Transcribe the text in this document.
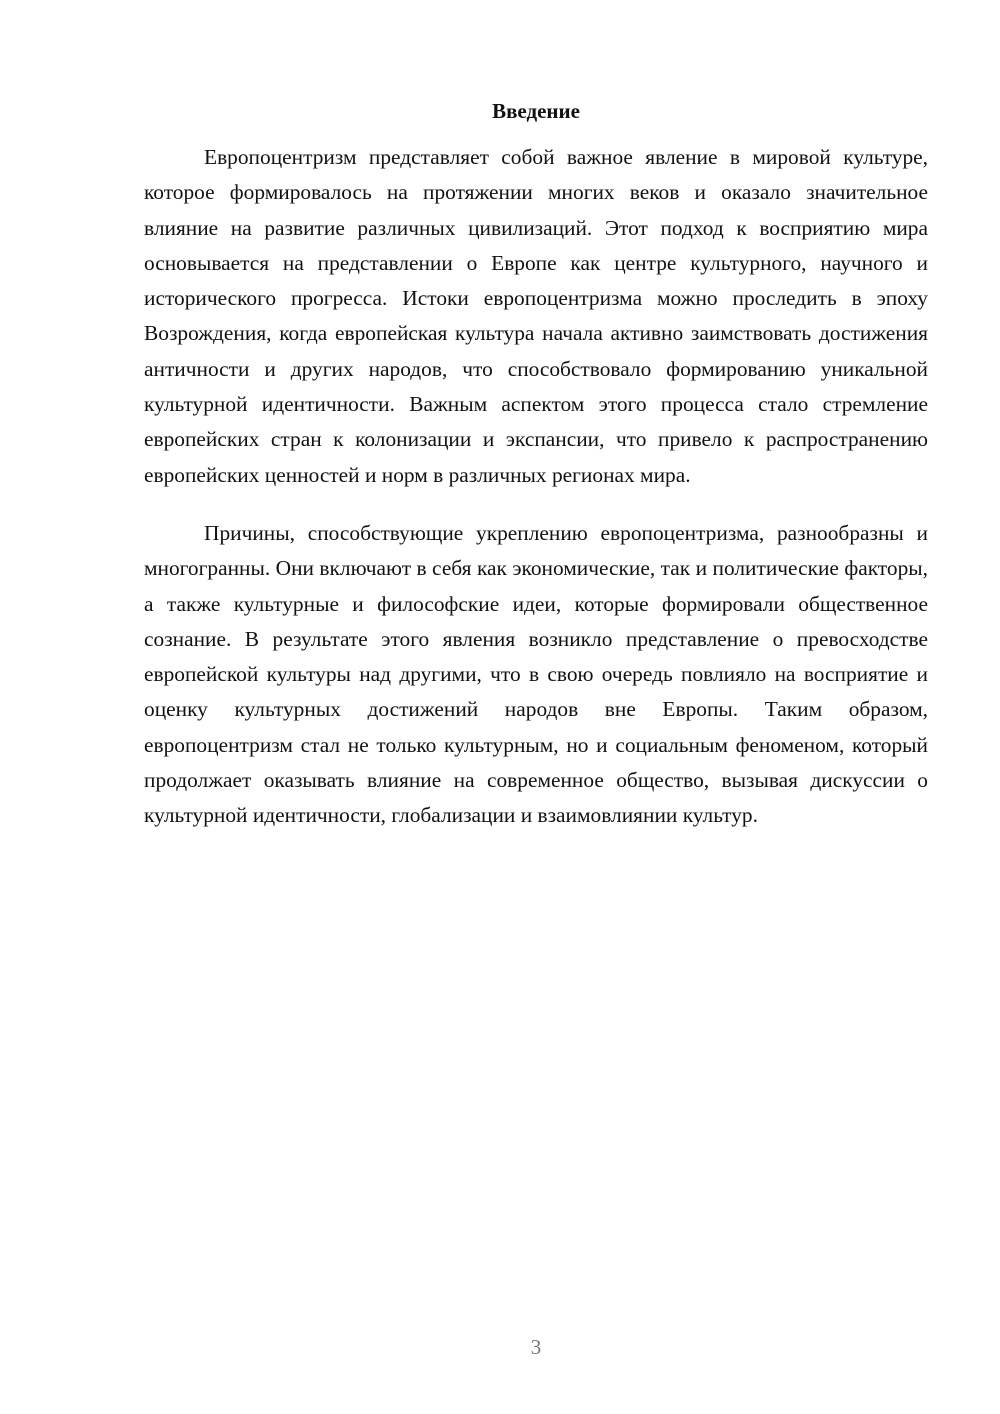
Введение

Европоцентризм представляет собой важное явление в мировой культуре, которое формировалось на протяжении многих веков и оказало значительное влияние на развитие различных цивилизаций. Этот подход к восприятию мира основывается на представлении о Европе как центре культурного, научного и исторического прогресса. Истоки европоцентризма можно проследить в эпоху Возрождения, когда европейская культура начала активно заимствовать достижения античности и других народов, что способствовало формированию уникальной культурной идентичности. Важным аспектом этого процесса стало стремление европейских стран к колонизации и экспансии, что привело к распространению европейских ценностей и норм в различных регионах мира.

Причины, способствующие укреплению европоцентризма, разнообразны и многогранны. Они включают в себя как экономические, так и политические факторы, а также культурные и философские идеи, которые формировали общественное сознание. В результате этого явления возникло представление о превосходстве европейской культуры над другими, что в свою очередь повлияло на восприятие и оценку культурных достижений народов вне Европы. Таким образом, европоцентризм стал не только культурным, но и социальным феноменом, который продолжает оказывать влияние на современное общество, вызывая дискуссии о культурной идентичности, глобализации и взаимовлиянии культур.

3
